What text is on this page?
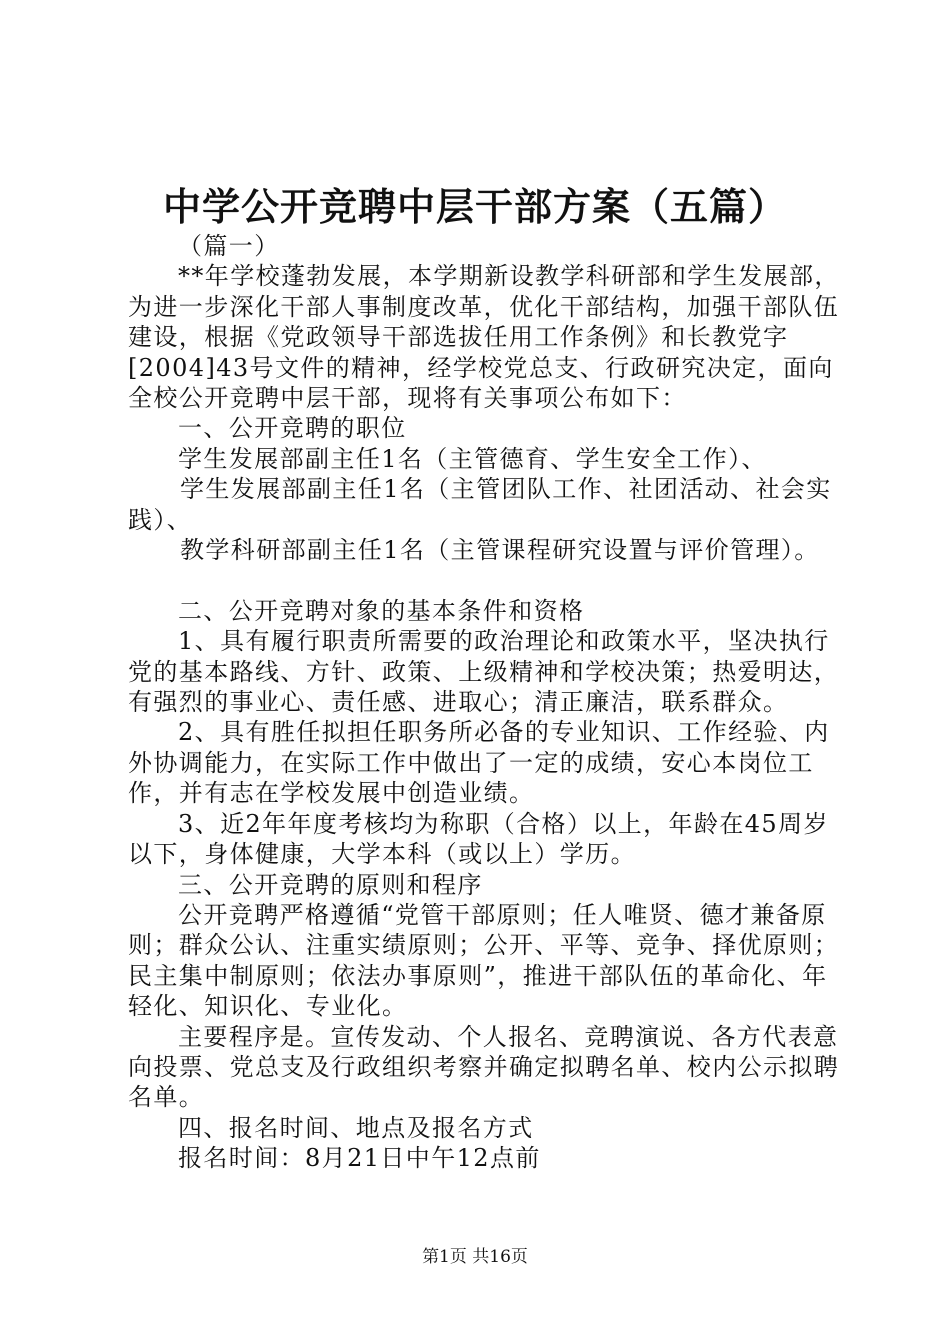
中学公开竞聘中层干部方案（五篇）

（篇一）

**年学校蓬勃发展，本学期新设教学科研部和学生发展部，为进一步深化干部人事制度改革，优化干部结构，加强干部队伍建设，根据《党政领导干部选拔任用工作条例》和长教党字[2004]43号文件的精神，经学校党总支、行政研究决定，面向全校公开竞聘中层干部，现将有关事项公布如下：

一、公开竞聘的职位

学生发展部副主任1名（主管德育、学生安全工作）、

学生发展部副主任1名（主管团队工作、社团活动、社会实践）、

教学科研部副主任1名（主管课程研究设置与评价管理）。

二、公开竞聘对象的基本条件和资格

1、具有履行职责所需要的政治理论和政策水平，坚决执行党的基本路线、方针、政策、上级精神和学校决策；热爱明达，有强烈的事业心、责任感、进取心；清正廉洁，联系群众。

2、具有胜任拟担任职务所必备的专业知识、工作经验、内外协调能力，在实际工作中做出了一定的成绩，安心本岗位工作，并有志在学校发展中创造业绩。

3、近2年年度考核均为称职（合格）以上，年龄在45周岁以下，身体健康，大学本科（或以上）学历。

三、公开竞聘的原则和程序

公开竞聘严格遵循“党管干部原则；任人唯贤、德才兼备原则；群众公认、注重实绩原则；公开、平等、竞争、择优原则；民主集中制原则；依法办事原则”，推进干部队伍的革命化、年轻化、知识化、专业化。

主要程序是。宣传发动、个人报名、竞聘演说、各方代表意向投票、党总支及行政组织考察并确定拟聘名单、校内公示拟聘名单。

四、报名时间、地点及报名方式

报名时间：8月21日中午12点前

第1页 共16页
